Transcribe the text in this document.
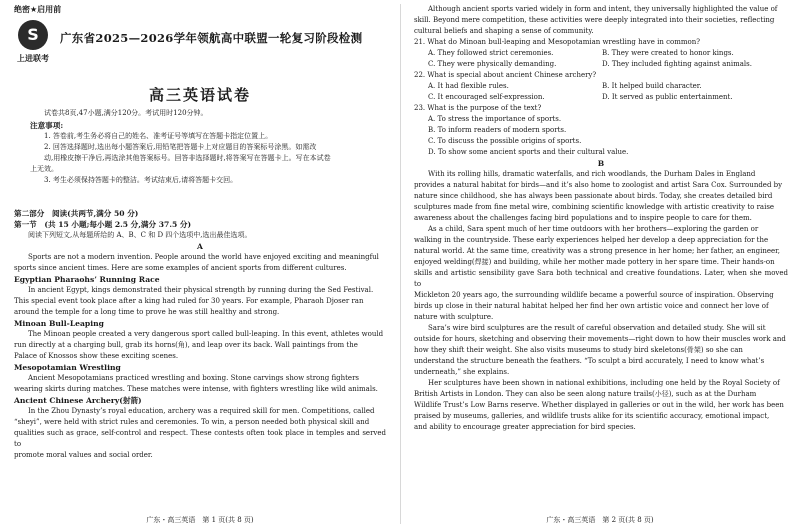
绝密★启用前
S
上进联考
广东省2025—2026学年领航高中联盟一轮复习阶段检测
高三英语试卷

试卷共8页,47小题,满分120分。考试用时120分钟。

注意事项:

1. 答卷前,考生务必将自己的姓名、准考证号等填写在答题卡指定位置上。

2. 回答选择题时,选出每小题答案后,用铅笔把答题卡上对应题目的答案标号涂黑。如需改

动,用橡皮擦干净后,再选涂其他答案标号。回答非选择题时,将答案写在答题卡上。写在本试卷

上无效。

3. 考生必须保持答题卡的整洁。考试结束后,请将答题卡交回。

第二部分　阅读(共两节,满分 50 分)

第一节　(共 15 小题;每小题 2.5 分,满分 37.5 分)

阅读下列短文,从每题所给的 A、B、C 和 D 四个选项中,选出最佳选项。

A

Sports are not a modern invention. People around the world have enjoyed exciting and meaningful

sports since ancient times. Here are some examples of ancient sports from different cultures.

Egyptian Pharaohs’ Running Race

In ancient Egypt, kings demonstrated their physical strength by running during the Sed Festival.

This special event took place after a king had ruled for 30 years. For example, Pharaoh Djoser ran

around the temple for a long time to prove he was still healthy and strong.

Minoan Bull-Leaping

The Minoan people created a very dangerous sport called bull-leaping. In this event, athletes would

run directly at a charging bull, grab its horns(角), and leap over its back. Wall paintings from the

Palace of Knossos show these exciting scenes.

Mesopotamian Wrestling

Ancient Mesopotamians practiced wrestling and boxing. Stone carvings show strong fighters

wearing skirts during matches. These matches were intense, with fighters wrestling like wild animals.

Ancient Chinese Archery(射箭)

In the Zhou Dynasty’s royal education, archery was a required skill for men. Competitions, called

“sheyi”, were held with strict rules and ceremonies. To win, a person needed both physical skill and

qualities such as grace, self-control and respect. These contests often took place in temples and served to

promote moral values and social order.

广东・高三英语　第 1 页(共 8 页)

Although ancient sports varied widely in form and intent, they universally highlighted the value of

skill. Beyond mere competition, these activities were deeply integrated into their societies, reflecting

cultural beliefs and shaping a sense of community.

21. What do Minoan bull-leaping and Mesopotamian wrestling have in common?

A. They followed strict ceremonies.	B. They were created to honor kings.
C. They were physically demanding.	D. They included fighting against animals.

22. What is special about ancient Chinese archery?

A. It had flexible rules.	B. It helped build character.
C. It encouraged self-expression.	D. It served as public entertainment.

23. What is the purpose of the text?

A. To stress the importance of sports.

B. To inform readers of modern sports.

C. To discuss the possible origins of sports.

D. To show some ancient sports and their cultural value.

B

With its rolling hills, dramatic waterfalls, and rich woodlands, the Durham Dales in England

provides a natural habitat for birds—and it’s also home to zoologist and artist Sara Cox. Surrounded by

nature since childhood, she has always been passionate about birds. Today, she creates detailed bird

sculptures made from fine metal wire, combining scientific knowledge with artistic creativity to raise

awareness about the challenges facing bird populations and to inspire people to care for them.

As a child, Sara spent much of her time outdoors with her brothers—exploring the garden or

walking in the countryside. These early experiences helped her develop a deep appreciation for the

natural world. At the same time, creativity was a strong presence in her home; her father, an engineer,

enjoyed welding(焊接) and building, while her mother made pottery in her spare time. Their hands-on

skills and artistic sensibility gave Sara both technical and creative foundations. Later, when she moved to

Mickleton 20 years ago, the surrounding wildlife became a powerful source of inspiration. Observing

birds up close in their natural habitat helped her find her own artistic voice and connect her love of

nature with sculpture.

Sara’s wire bird sculptures are the result of careful observation and detailed study. She will sit

outside for hours, sketching and observing their movements—right down to how their muscles work and

how they shift their weight. She also visits museums to study bird skeletons(骨架) so she can

understand the structure beneath the feathers. “To sculpt a bird accurately, I need to know what’s

underneath,” she explains.

Her sculptures have been shown in national exhibitions, including one held by the Royal Society of

British Artists in London. They can also be seen along nature trails(小径), such as at the Durham

Wildlife Trust’s Low Barns reserve. Whether displayed in galleries or out in the wild, her work has been

praised by museums, galleries, and wildlife trusts alike for its scientific accuracy, emotional impact,

and ability to encourage greater appreciation for bird species.

广东・高三英语　第 2 页(共 8 页)
